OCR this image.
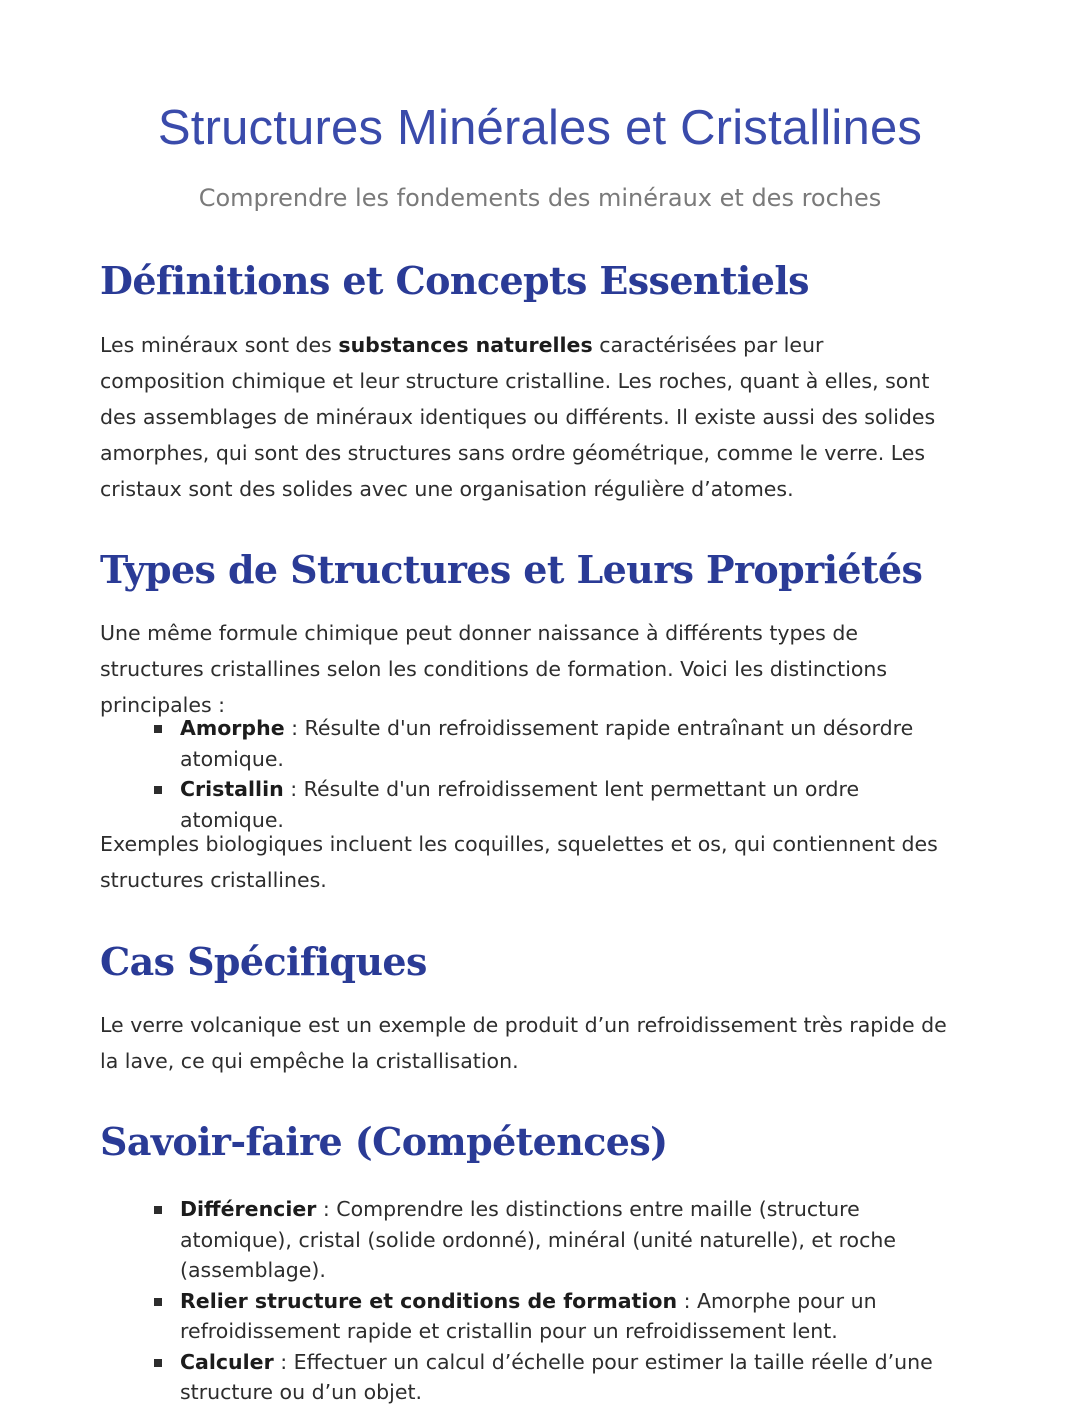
Structures Minérales et Cristallines

Comprendre les fondements des minéraux et des roches

Définitions et Concepts Essentiels

Les minéraux sont des substances naturelles caractérisées par leur composition chimique et leur structure cristalline. Les roches, quant à elles, sont des assemblages de minéraux identiques ou différents. Il existe aussi des solides amorphes, qui sont des structures sans ordre géométrique, comme le verre. Les cristaux sont des solides avec une organisation régulière d’atomes.

Types de Structures et Leurs Propriétés

Une même formule chimique peut donner naissance à différents types de structures cristallines selon les conditions de formation. Voici les distinctions principales :

Amorphe : Résulte d'un refroidissement rapide entraînant un désordre atomique.
Cristallin : Résulte d'un refroidissement lent permettant un ordre atomique.

Exemples biologiques incluent les coquilles, squelettes et os, qui contiennent des structures cristallines.

Cas Spécifiques

Le verre volcanique est un exemple de produit d’un refroidissement très rapide de la lave, ce qui empêche la cristallisation.

Savoir-faire (Compétences)
Différencier : Comprendre les distinctions entre maille (structure atomique), cristal (solide ordonné), minéral (unité naturelle), et roche (assemblage).
Relier structure et conditions de formation : Amorphe pour un refroidissement rapide et cristallin pour un refroidissement lent.
Calculer : Effectuer un calcul d’échelle pour estimer la taille réelle d’une structure ou d’un objet.
